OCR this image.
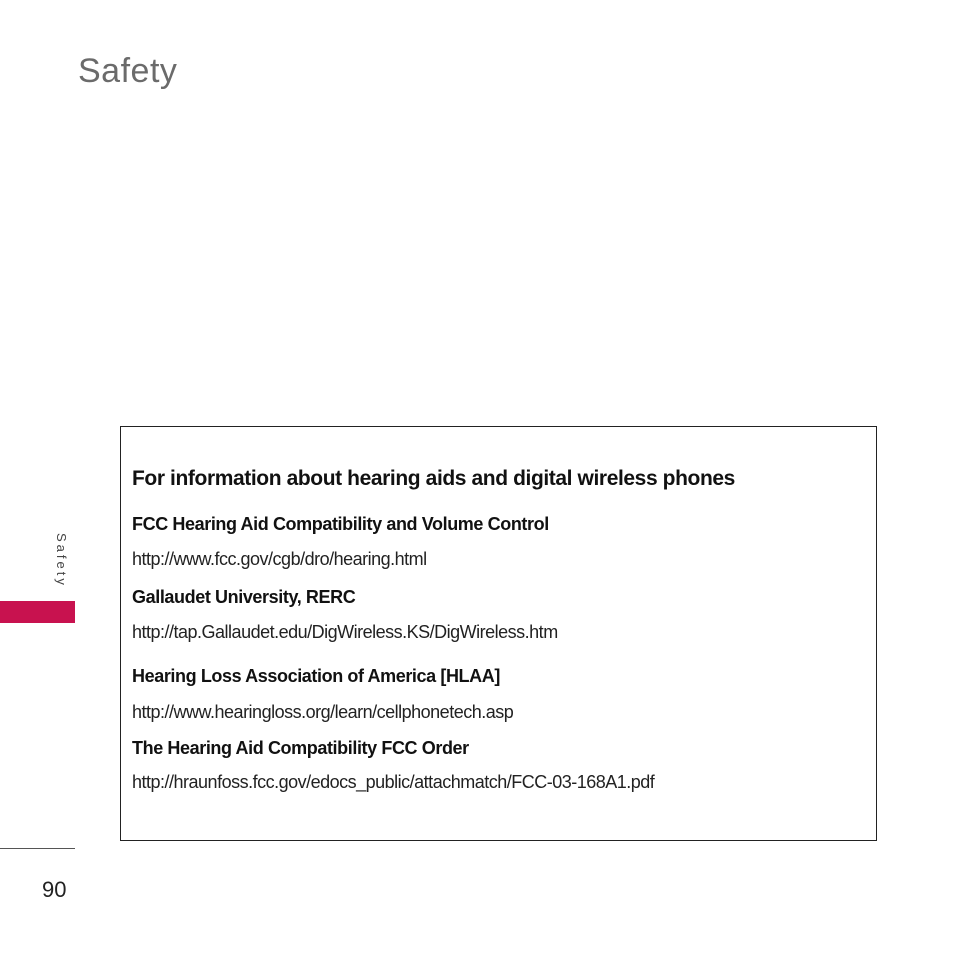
Safety
Safety
90
For information about hearing aids and digital wireless phones
FCC Hearing Aid Compatibility and Volume Control
http://www.fcc.gov/cgb/dro/hearing.html
Gallaudet University, RERC
http://tap.Gallaudet.edu/DigWireless.KS/DigWireless.htm
Hearing Loss Association of America [HLAA]
http://www.hearingloss.org/learn/cellphonetech.asp
The Hearing Aid Compatibility FCC Order
http://hraunfoss.fcc.gov/edocs_public/attachmatch/FCC-03-168A1.pdf
